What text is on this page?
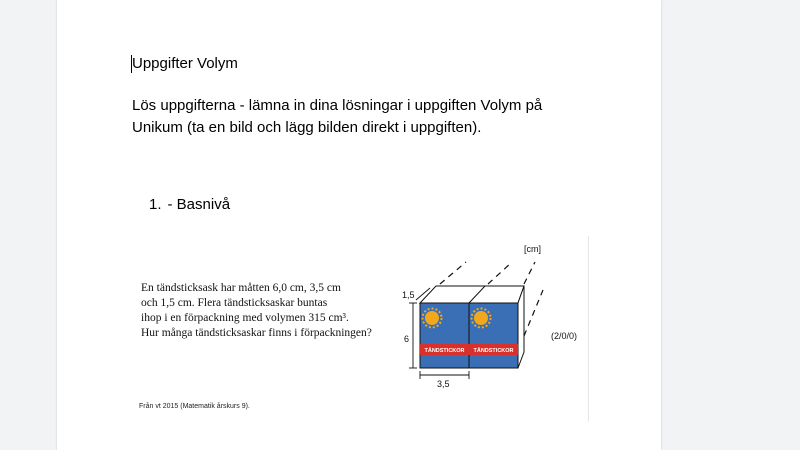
Uppgifter Volym
Lös uppgifterna - lämna in dina lösningar i uppgiften Volym på Unikum (ta en bild och lägg bilden direkt i uppgiften).
1. - Basnivå
En tändsticksask har måtten 6,0 cm, 3,5 cm
och 1,5 cm. Flera tändsticksaskar buntas
ihop i en förpackning med volymen 315 cm³.
Hur många tändsticksaskar finns i förpackningen?
Från vt 2015 (Matematik årskurs 9).
[cm]
TÄNDSTICKOR TÄNDSTICKOR
1,5
6
3,5
(2/0/0)
